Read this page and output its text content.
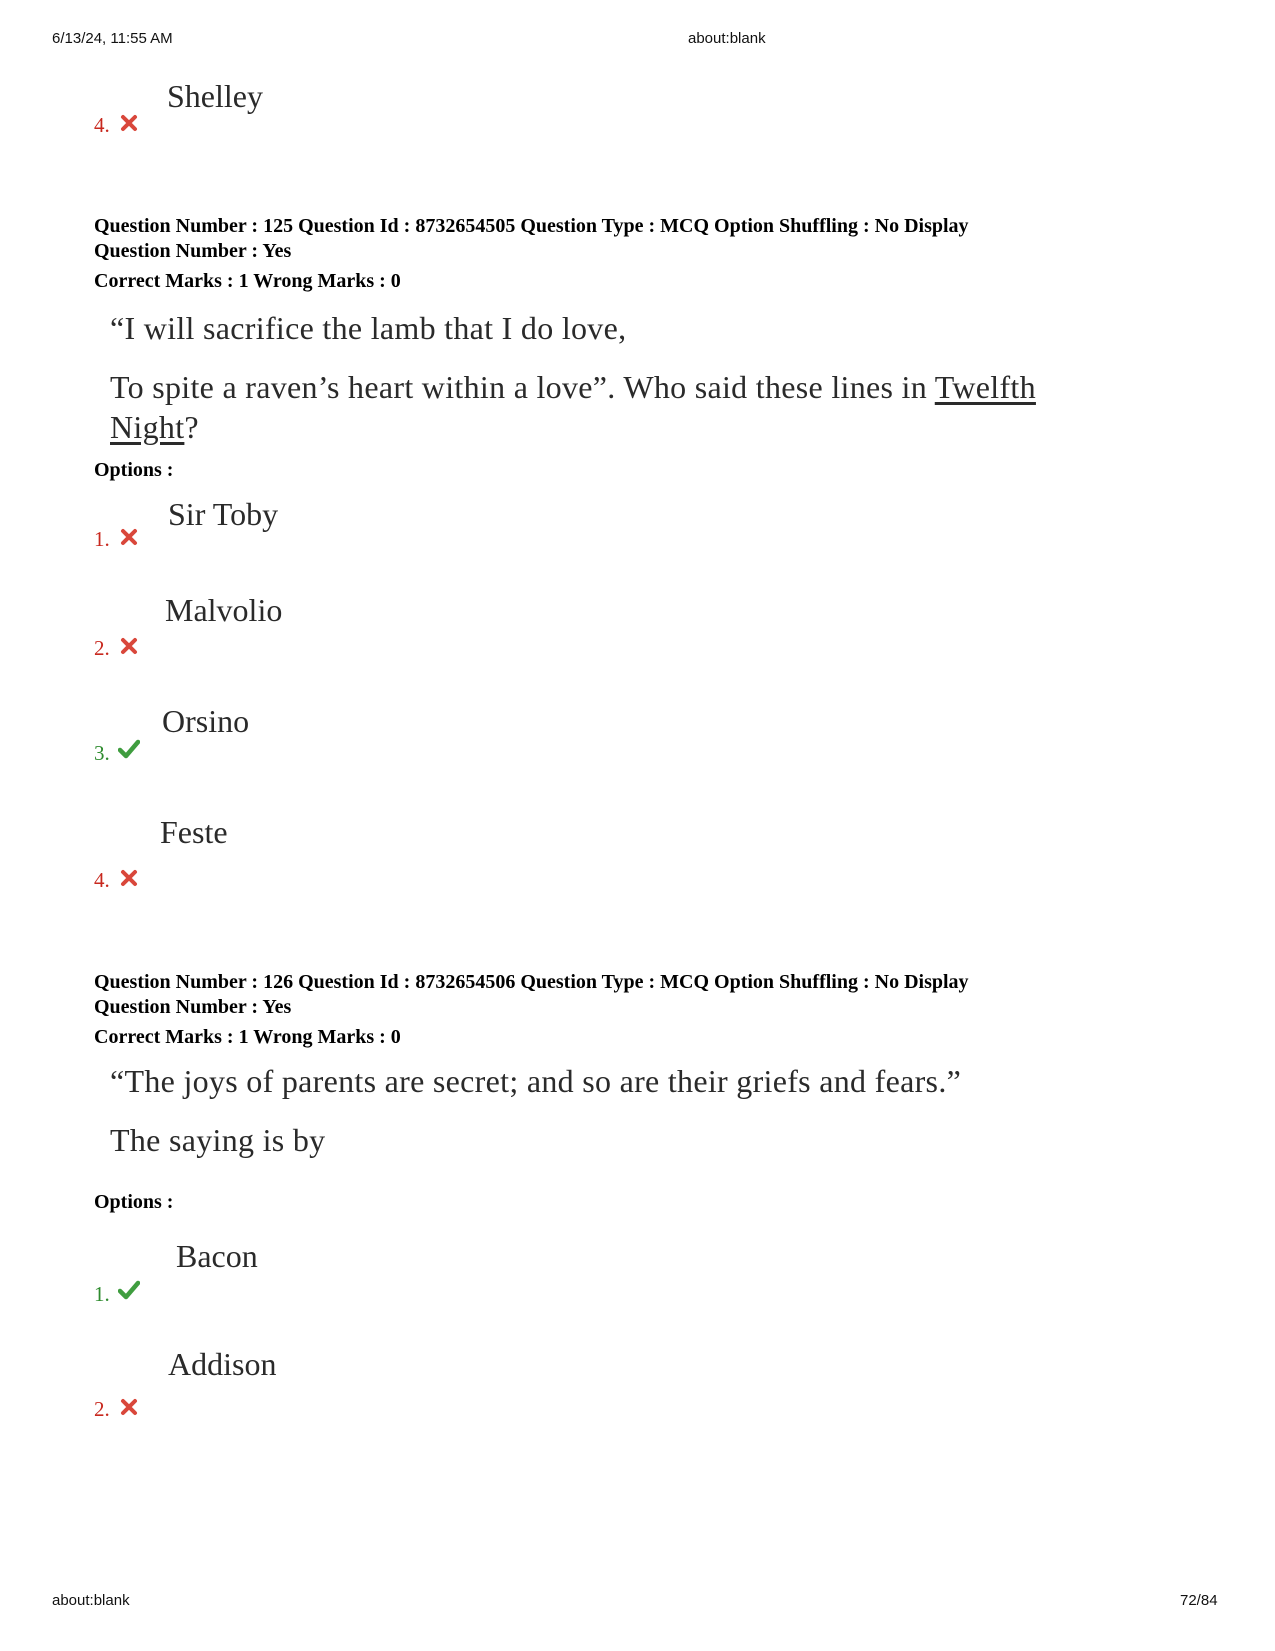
6/13/24, 11:55 AM	about:blank
Shelley
4.
Question Number : 125 Question Id : 8732654505 Question Type : MCQ Option Shuffling : No Display
Question Number : Yes
Correct Marks : 1 Wrong Marks : 0
“I will sacrifice the lamb that I do love,
To spite a raven’s heart within a love”. Who said these lines in Twelfth
Night?
Options :
Sir Toby
1.
Malvolio
2.
Orsino
3.
Feste
4.
Question Number : 126 Question Id : 8732654506 Question Type : MCQ Option Shuffling : No Display
Question Number : Yes
Correct Marks : 1 Wrong Marks : 0
“The joys of parents are secret; and so are their griefs and fears.”
The saying is by
Options :
Bacon
1.
Addison
2.
about:blank	72/84
